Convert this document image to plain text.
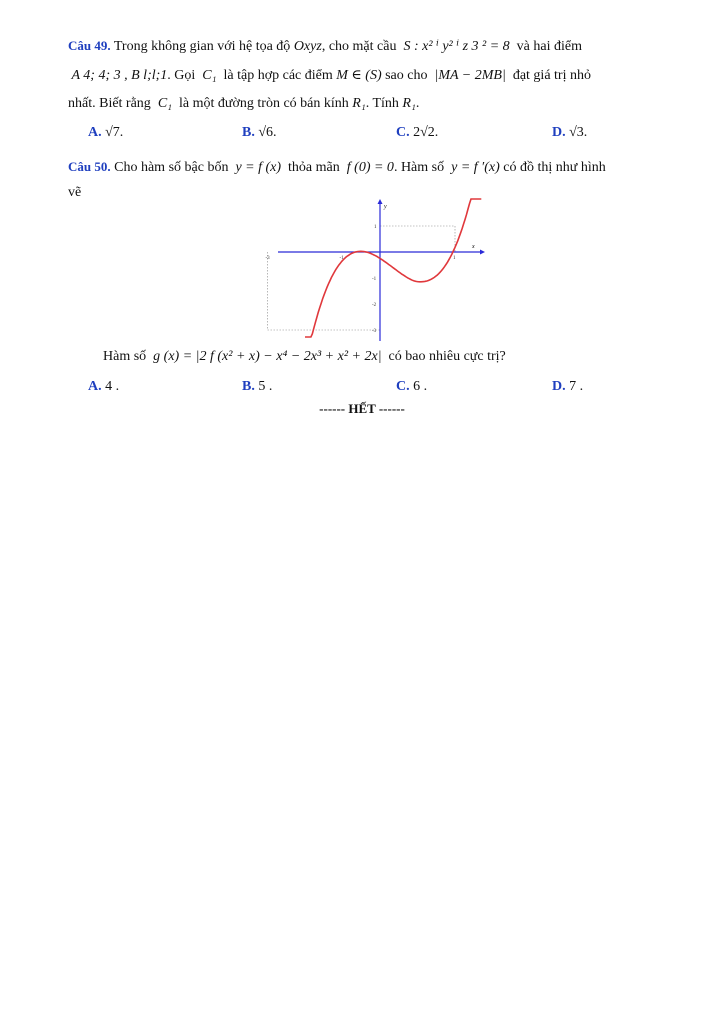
Câu 49. Trong không gian với hệ tọa độ Oxyz, cho mặt cầu S : x² ⁱ y² ⁱ z 3 ² = 8 và hai điểm
A 4; 4; 3 , B l;l;1. Gọi C₁ là tập hợp các điểm M ∈ (S) sao cho |MA − 2MB| đạt giá trị nhỏ
nhất. Biết rằng C₁ là một đường tròn có bán kính R₁. Tính R₁.
A. √7.	B. √6.	C. 2√2.	D. √3.
Câu 50. Cho hàm số bậc bốn y = f (x) thỏa mãn f (0) = 0. Hàm số y = f ′(x) có đồ thị như hình
vẽ
-3	-1	1
-1
-2
-3
1
x
y
Hàm số g (x) = |2 f (x² + x) − x⁴ − 2x³ + x² + 2x| có bao nhiêu cực trị?
A. 4 .	B. 5 .	C. 6 .	D. 7 .
------ HẾT ------
